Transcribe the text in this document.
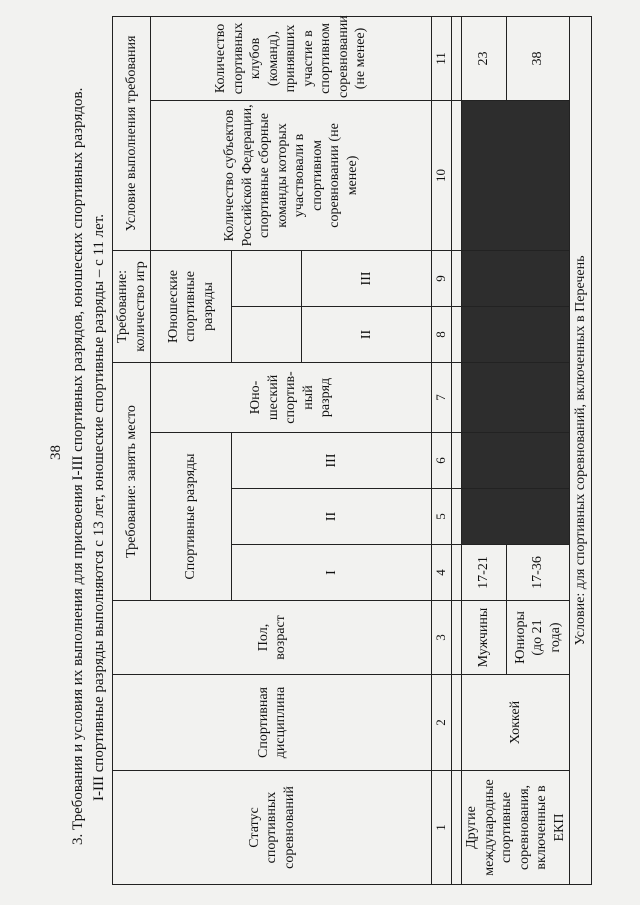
38 3. Требования и условия их выполнения для присвоения I-III спортивных разрядов, юношеских спортивных разрядов. I-III спортивные разряды выполняются с 13 лет, юношеские спортивные разряды – с 11 лет.
Статус спортивных соревнований	Спортивная дисциплина	Пол, возраст	Требование: занять место				Требование: количество игр		Условие выполнения требования	
			Спортивные разряды			Юно-шеский спортив-ный разряд	Юношеские спортивные разряды		Количество субъектов Российской Федерации, спортивные сборные команды которых участвовали в спортивном соревновании (не менее)	Количество спортивных клубов (команд), принявших участие в спортивном соревновании (не менее)
			I	II	III					
							II	III		
1	2	3	4	5	6	7	8	9	10	11

Другие международные спортивные соревнования, включенные в ЕКП	Хоккей	Мужчины	17-21							23
		Юниоры (до 21 года)	17-36							38
Условие: для спортивных соревнований, включенных в Перечень										
